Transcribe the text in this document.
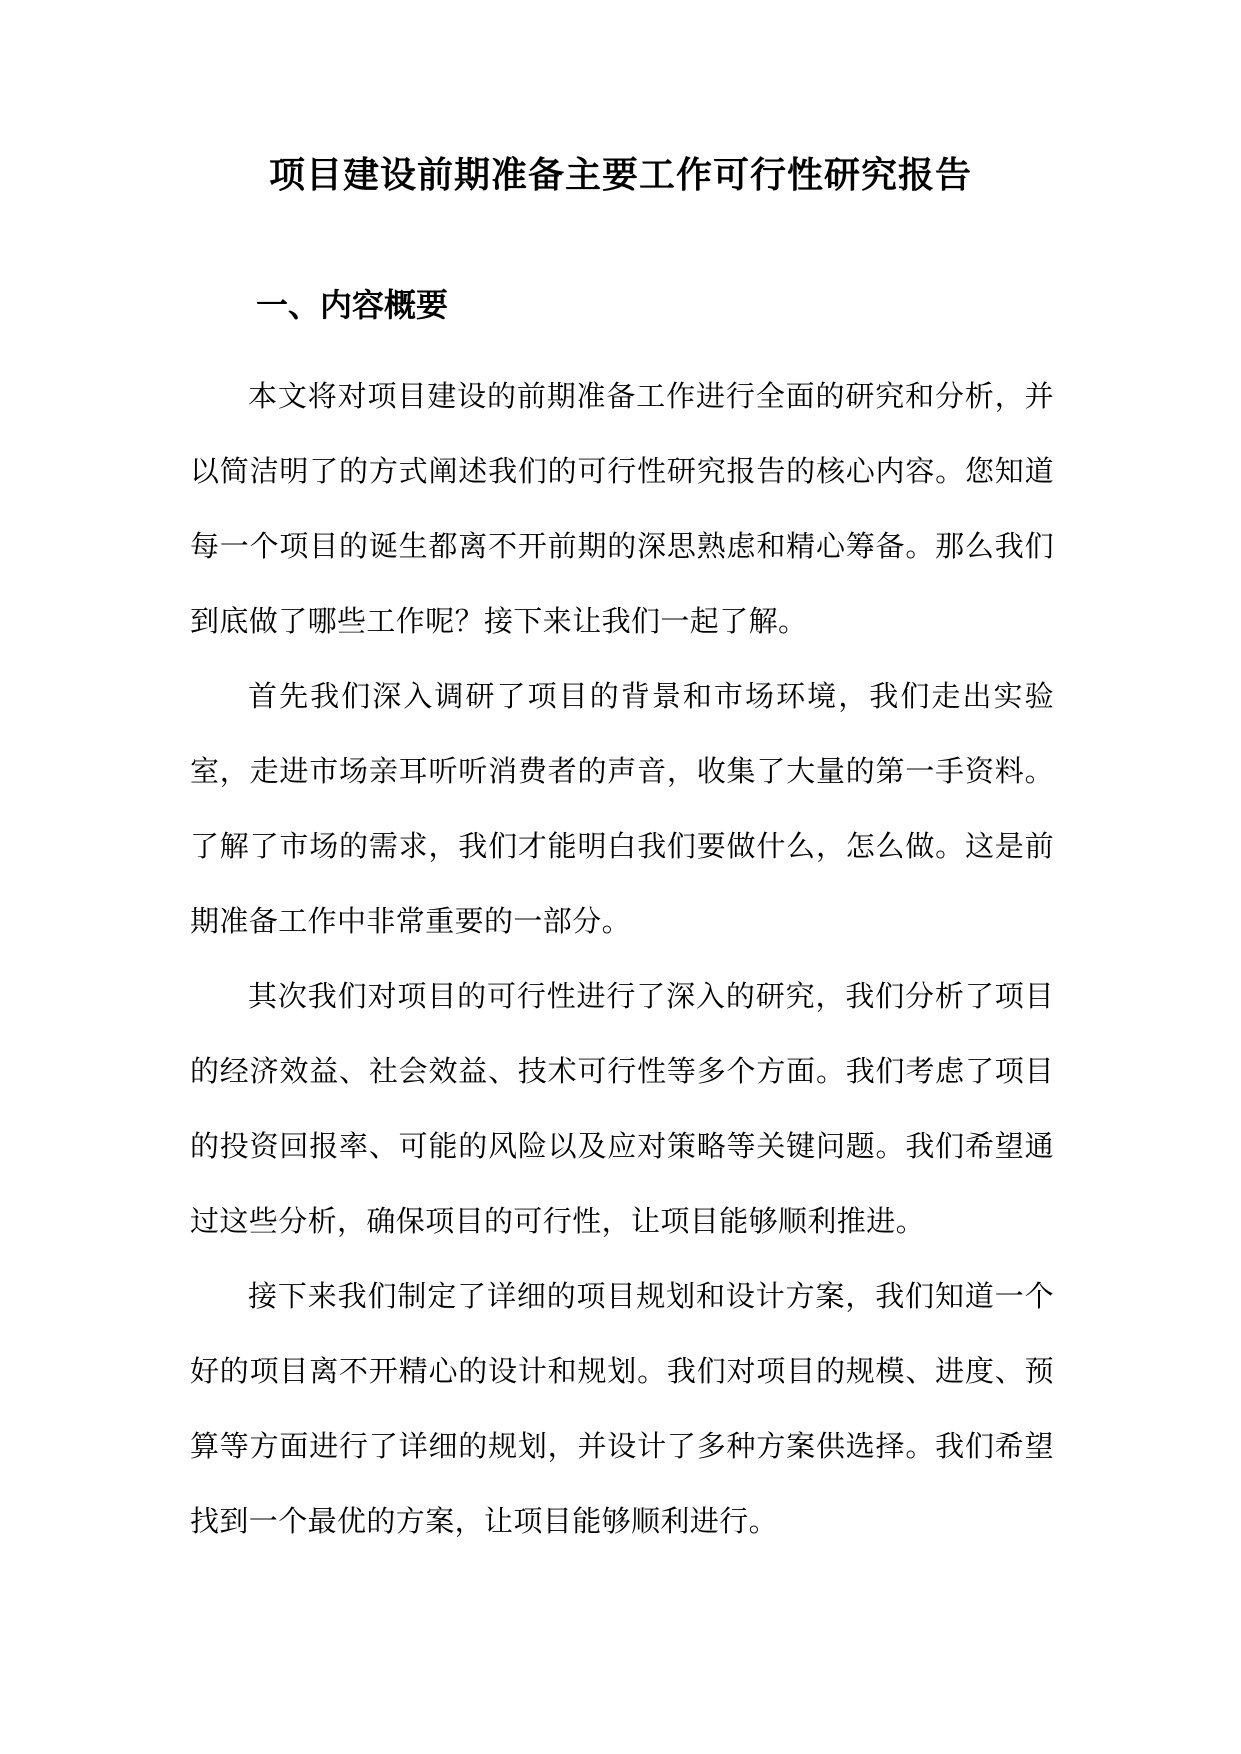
项目建设前期准备主要工作可行性研究报告
一、内容概要

本文将对项目建设的前期准备工作进行全面的研究和分析，并以简洁明了的方式阐述我们的可行性研究报告的核心内容。您知道每一个项目的诞生都离不开前期的深思熟虑和精心筹备。那么我们到底做了哪些工作呢？接下来让我们一起了解。

首先我们深入调研了项目的背景和市场环境，我们走出实验室，走进市场亲耳听听消费者的声音，收集了大量的第一手资料。了解了市场的需求，我们才能明白我们要做什么，怎么做。这是前期准备工作中非常重要的一部分。

其次我们对项目的可行性进行了深入的研究，我们分析了项目的经济效益、社会效益、技术可行性等多个方面。我们考虑了项目的投资回报率、可能的风险以及应对策略等关键问题。我们希望通过这些分析，确保项目的可行性，让项目能够顺利推进。

接下来我们制定了详细的项目规划和设计方案，我们知道一个好的项目离不开精心的设计和规划。我们对项目的规模、进度、预算等方面进行了详细的规划，并设计了多种方案供选择。我们希望找到一个最优的方案，让项目能够顺利进行。
